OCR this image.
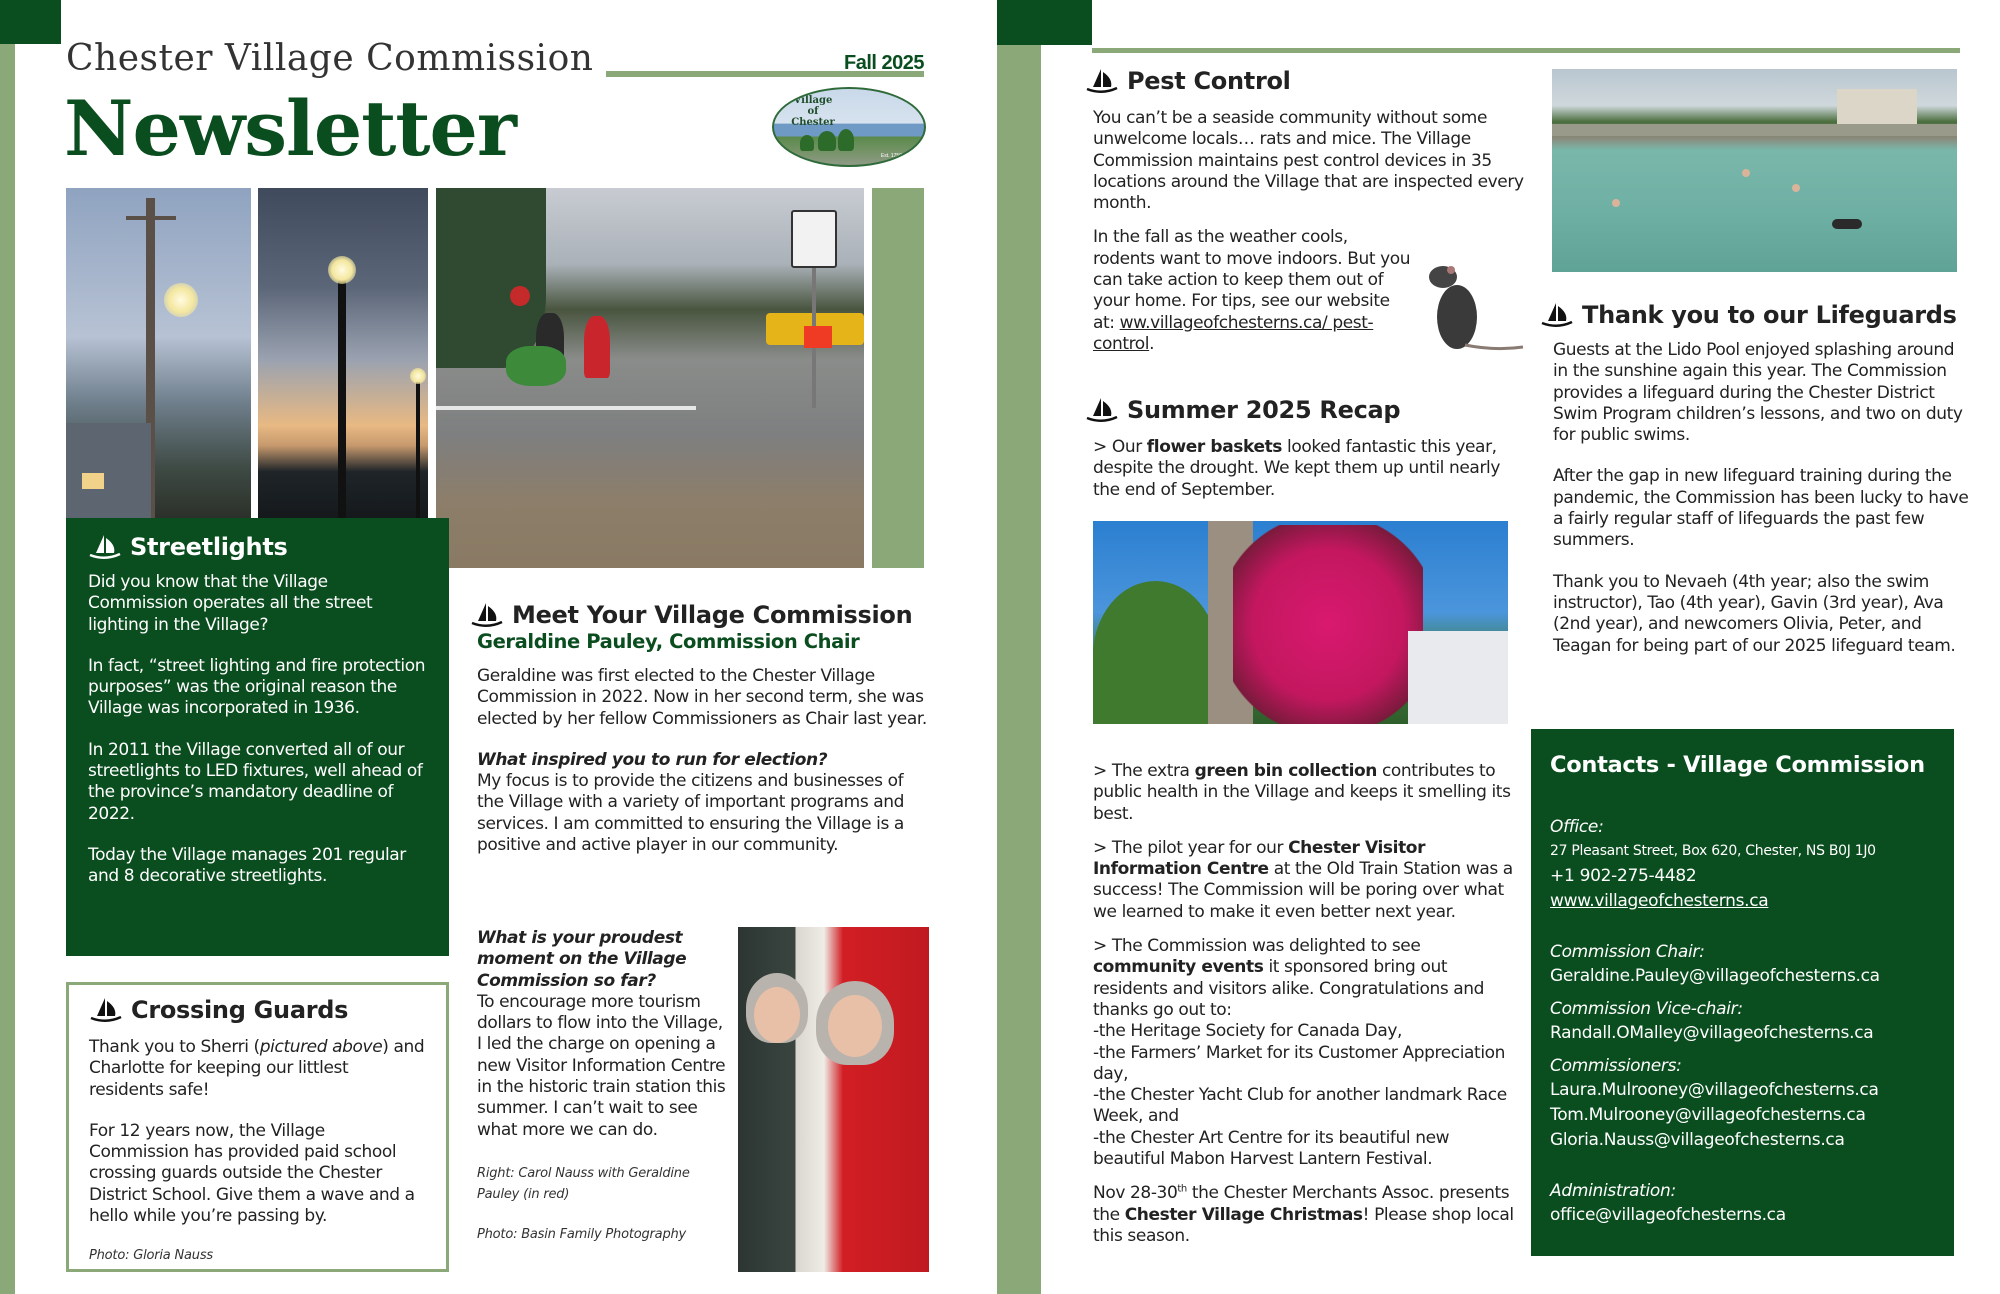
Chester Village Commission
Newsletter
Fall 2025
Village
of
Chester
Est. 1759
Streetlights

Did you know that the Village Commission operates all the street lighting in the Village?

In fact, “street lighting and fire protection purposes” was the original reason the Village was incorporated in 1936.

In 2011 the Village converted all of our streetlights to LED fixtures, well ahead of the province’s mandatory deadline of 2022.

Today the Village manages 201 regular and 8 decorative streetlights.

Crossing Guards

Thank you to Sherri (pictured above) and Charlotte for keeping our littlest residents safe!

For 12 years now, the Village Commission has provided paid school crossing guards outside the Chester District School. Give them a wave and a hello while you’re passing by.

Photo: Gloria Nauss

Meet Your Village Commission
Geraldine Pauley, Commission Chair

Geraldine was first elected to the Chester Village Commission in 2022. Now in her second term, she was elected by her fellow Commissioners as Chair last year.

What inspired you to run for election?
My focus is to provide the citizens and businesses of the Village with a variety of important programs and services. I am committed to ensuring the Village is a positive and active player in our community.

What is your proudest moment on the Village Commission so far?
To encourage more tourism dollars to flow into the Village, I led the charge on opening a new Visitor Information Centre in the historic train station this summer. I can’t wait to see what more we can do.

Right: Carol Nauss with Geraldine Pauley (in red)

Photo: Basin Family Photography

Pest Control

You can’t be a seaside community without some unwelcome locals… rats and mice. The Village Commission maintains pest control devices in 35 locations around the Village that are inspected every month.

In the fall as the weather cools, rodents want to move indoors. But you can take action to keep them out of your home. For tips, see our website at: ww.villageofchesterns.ca/ pest-control.

Summer 2025 Recap

> Our flower baskets looked fantastic this year, despite the drought. We kept them up until nearly the end of September.

> The extra green bin collection contributes to public health in the Village and keeps it smelling its best.

> The pilot year for our Chester Visitor Information Centre at the Old Train Station was a success! The Commission will be poring over what we learned to make it even better next year.

> The Commission was delighted to see community events it sponsored bring out residents and visitors alike. Congratulations and thanks go out to:
-the Heritage Society for Canada Day,
-the Farmers’ Market for its Customer Appreciation day,
-the Chester Yacht Club for another landmark Race Week, and
-the Chester Art Centre for its beautiful new beautiful Mabon Harvest Lantern Festival.

Nov 28-30th the Chester Merchants Assoc. presents the Chester Village Christmas! Please shop local this season.

Thank you to our Lifeguards

Guests at the Lido Pool enjoyed splashing around in the sunshine again this year. The Commission provides a lifeguard during the Chester District Swim Program children’s lessons, and two on duty for public swims.

After the gap in new lifeguard training during the pandemic, the Commission has been lucky to have a fairly regular staff of lifeguards the past few summers.

Thank you to Nevaeh (4th year; also the swim instructor), Tao (4th year), Gavin (3rd year), Ava (2nd year), and newcomers Olivia, Peter, and Teagan for being part of our 2025 lifeguard team.

Contacts - Village Commission
Office:
27 Pleasant Street, Box 620, Chester, NS B0J 1J0
+1 902-275-4482
www.villageofchesterns.ca
Commission Chair:
Geraldine.Pauley@villageofchesterns.ca
Commission Vice-chair:
Randall.OMalley@villageofchesterns.ca
Commissioners:
Laura.Mulrooney@villageofchesterns.ca
Tom.Mulrooney@villageofchesterns.ca
Gloria.Nauss@villageofchesterns.ca
Administration:
office@villageofchesterns.ca
